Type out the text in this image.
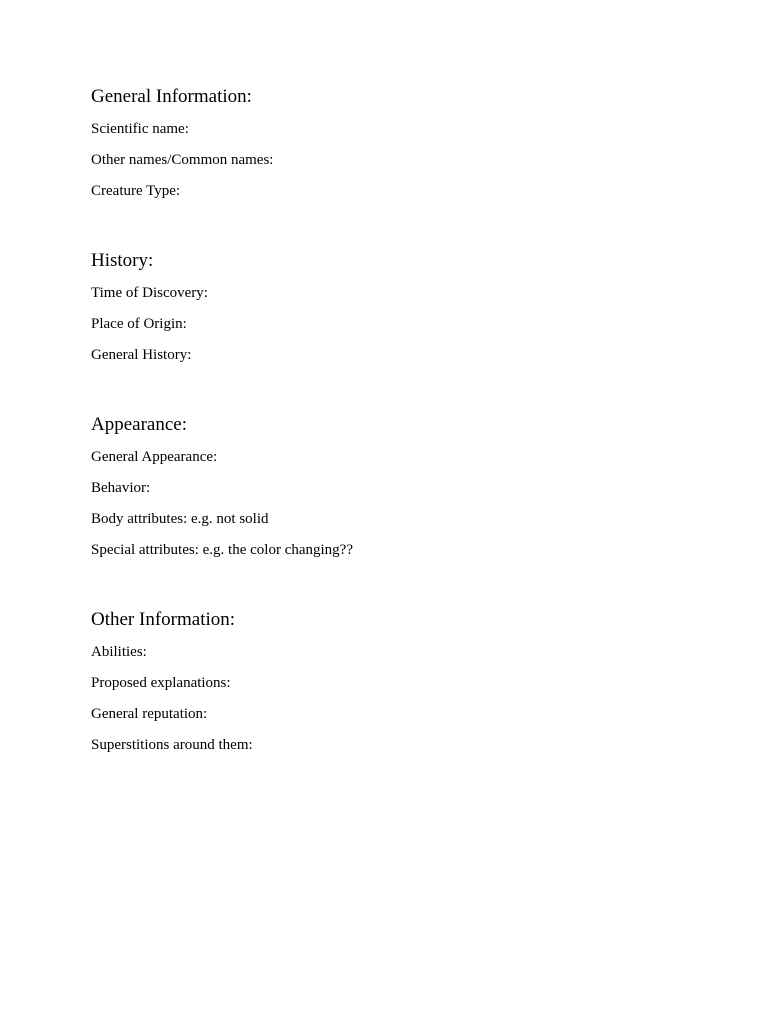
General Information:

Scientific name:

Other names/Common names:

Creature Type:

History:

Time of Discovery:

Place of Origin:

General History:

Appearance:

General Appearance:

Behavior:

Body attributes: e.g. not solid

Special attributes: e.g. the color changing??

Other Information:

Abilities:

Proposed explanations:

General reputation:

Superstitions around them:
